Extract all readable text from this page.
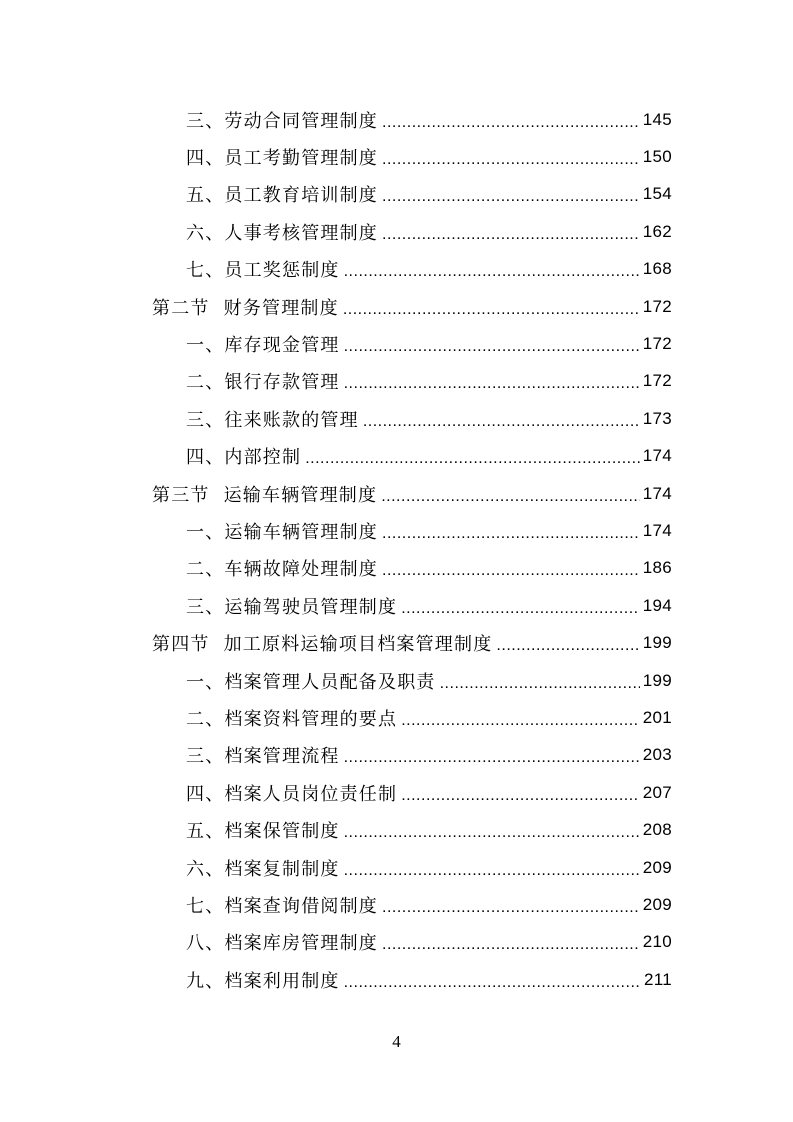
三 、 劳动合同管理制度 .....	145
四 、 员工考勤管理制度 .....	150
五 、 员工教育培训制度 .....	154
六 、 人事考核管理制度 .....	162
七 、 员工奖惩制度 .....	168
第二节 财务管理制度 .....	172
一 、 库存现金管理 .....	172
二 、 银行存款管理 .....	172
三 、 往来账款的管理 .....	173
四 、 内部控制 .....	174
第三节 运输车辆管理制度 .....	174
一 、 运输车辆管理制度 .....	174
二 、 车辆故障处理制度 .....	186
三 、 运输驾驶员管理制度 .....	194
第四节 加工原料运输项目档案管理制度 .....	199
一 、 档案管理人员配备及职责 .....	199
二 、 档案资料管理的要点 .....	201
三 、 档案管理流程 .....	203
四 、 档案人员岗位责任制 .....	207
五 、 档案保管制度 .....	208
六 、 档案复制制度 .....	209
七 、 档案查询借阅制度 .....	209
八 、 档案库房管理制度 .....	210
九 、 档案利用制度 .....	211
4
